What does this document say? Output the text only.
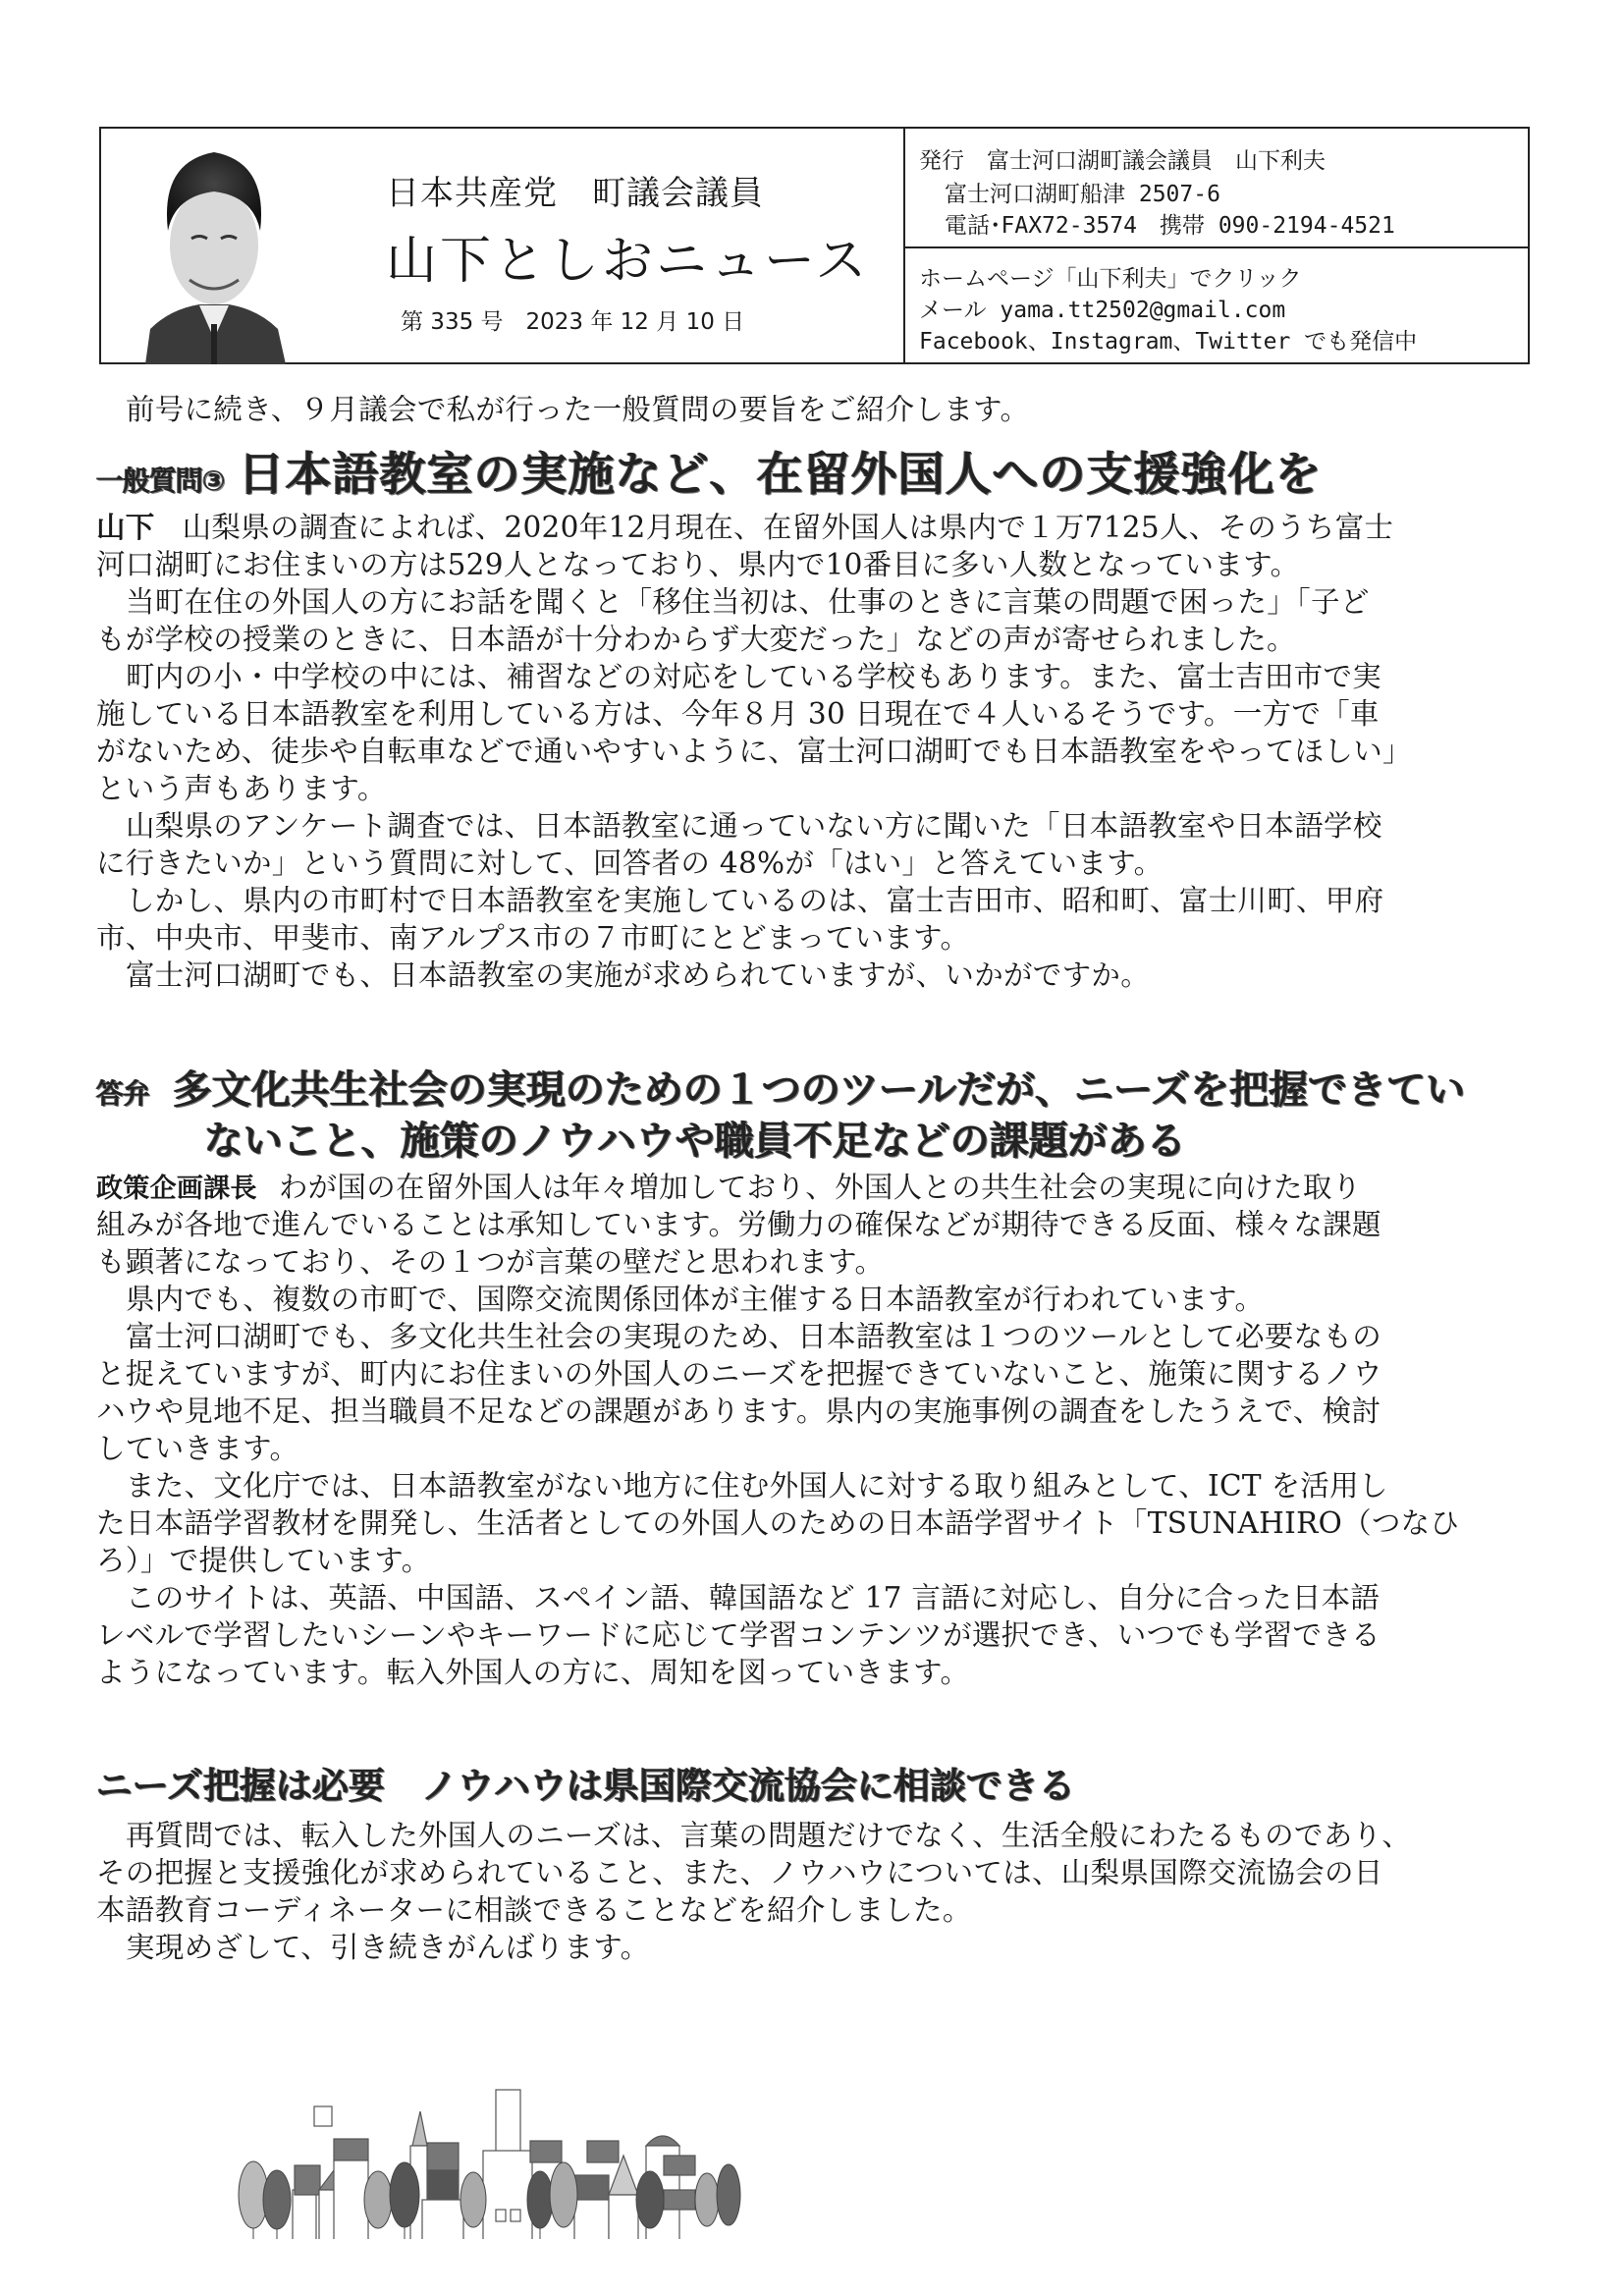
日本共産党　町議会議員
山下としおニュース
第 335 号　2023 年 12 月 10 日
発行　富士河口湖町議会議員　山下利夫
富士河口湖町船津 2507-6
電話･FAX72-3574　携帯 090-2194-4521
ホームページ「山下利夫」でクリック
メール yama.tt2502@gmail.com
Facebook、Instagram、Twitter でも発信中
前号に続き、９月議会で私が行った一般質問の要旨をご紹介します。
一般質問③ 日本語教室の実施など、在留外国人への支援強化を
山下 山梨県の調査によれば、2020年12月現在、在留外国人は県内で１万7125人、そのうち富士
河口湖町にお住まいの方は529人となっており、県内で10番目に多い人数となっています。
当町在住の外国人の方にお話を聞くと「移住当初は、仕事のときに言葉の問題で困った」「子ど
もが学校の授業のときに、日本語が十分わからず大変だった」などの声が寄せられました。
町内の小・中学校の中には、補習などの対応をしている学校もあります。また、富士吉田市で実
施している日本語教室を利用している方は、今年８月 30 日現在で４人いるそうです。一方で「車
がないため、徒歩や自転車などで通いやすいように、富士河口湖町でも日本語教室をやってほしい」
という声もあります。
山梨県のアンケート調査では、日本語教室に通っていない方に聞いた「日本語教室や日本語学校
に行きたいか」という質問に対して、回答者の 48%が「はい」と答えています。
しかし、県内の市町村で日本語教室を実施しているのは、富士吉田市、昭和町、富士川町、甲府
市、中央市、甲斐市、南アルプス市の７市町にとどまっています。
富士河口湖町でも、日本語教室の実施が求められていますが、いかがですか。
答弁 多文化共生社会の実現のための１つのツールだが、ニーズを把握できてい
ないこと、施策のノウハウや職員不足などの課題がある
政策企画課長 わが国の在留外国人は年々増加しており、外国人との共生社会の実現に向けた取り
組みが各地で進んでいることは承知しています。労働力の確保などが期待できる反面、様々な課題
も顕著になっており、その１つが言葉の壁だと思われます。
県内でも、複数の市町で、国際交流関係団体が主催する日本語教室が行われています。
富士河口湖町でも、多文化共生社会の実現のため、日本語教室は１つのツールとして必要なもの
と捉えていますが、町内にお住まいの外国人のニーズを把握できていないこと、施策に関するノウ
ハウや見地不足、担当職員不足などの課題があります。県内の実施事例の調査をしたうえで、検討
していきます。
また、文化庁では、日本語教室がない地方に住む外国人に対する取り組みとして、ICT を活用し
た日本語学習教材を開発し、生活者としての外国人のための日本語学習サイト「TSUNAHIRO（つなひ
ろ）」で提供しています。
このサイトは、英語、中国語、スペイン語、韓国語など 17 言語に対応し、自分に合った日本語
レベルで学習したいシーンやキーワードに応じて学習コンテンツが選択でき、いつでも学習できる
ようになっています。転入外国人の方に、周知を図っていきます。
ニーズ把握は必要　ノウハウは県国際交流協会に相談できる
再質問では、転入した外国人のニーズは、言葉の問題だけでなく、生活全般にわたるものであり、
その把握と支援強化が求められていること、また、ノウハウについては、山梨県国際交流協会の日
本語教育コーディネーターに相談できることなどを紹介しました。
実現めざして、引き続きがんばります。
